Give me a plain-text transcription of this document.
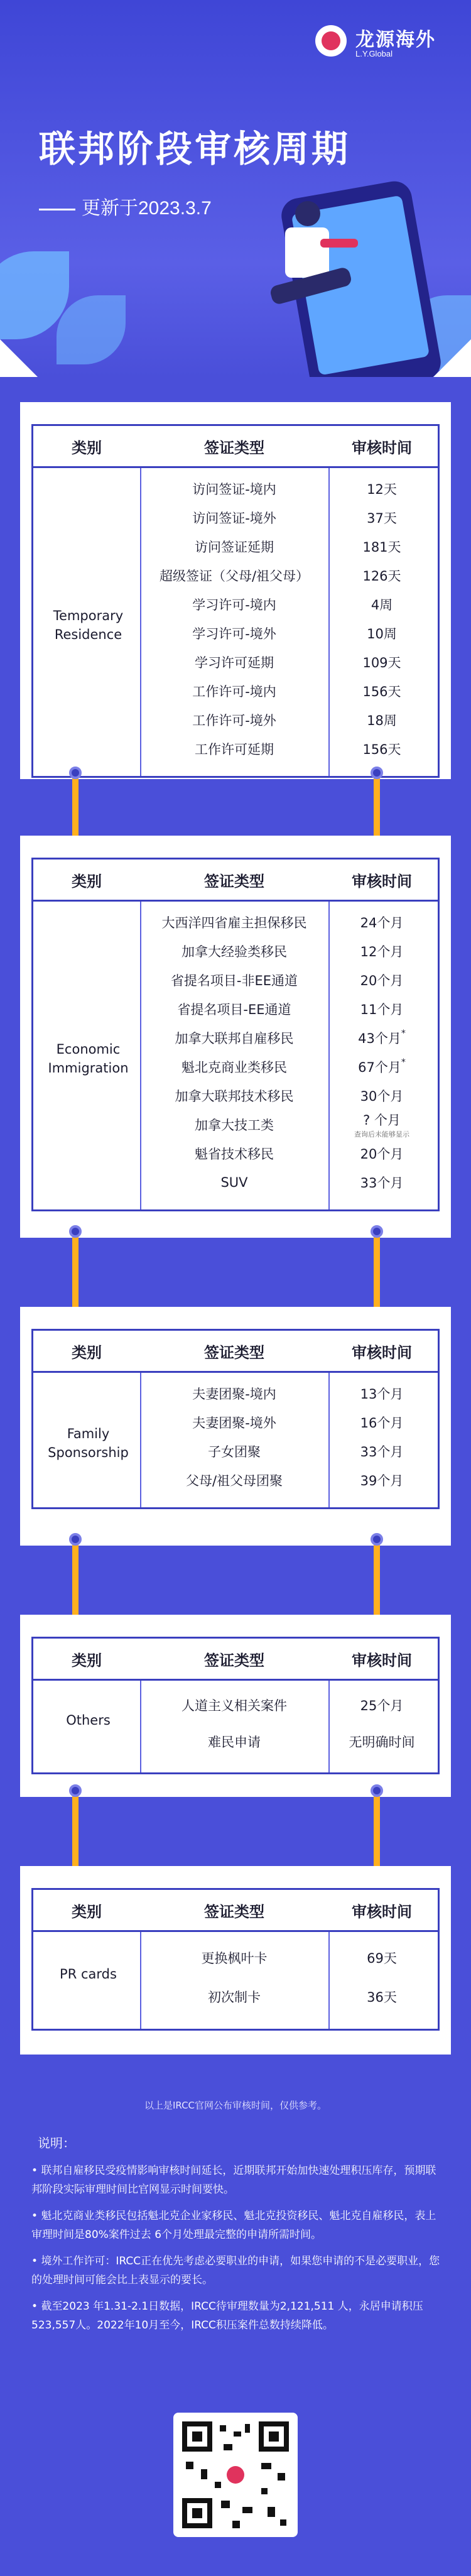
龙源海外
L.Y.Global
联邦阶段审核周期
更新于2023.3.7
类别	签证类型	审核时间
访问签证-境内	12天
访问签证-境外	37天
访问签证延期	181天
超级签证（父母/祖父母）	126天
学习许可-境内	4周
学习许可-境外	10周
学习许可延期	109天
工作许可-境内	156天
工作许可-境外	18周
工作许可延期	156天
Temporary
Residence
类别	签证类型	审核时间
大西洋四省雇主担保移民	24个月
加拿大经验类移民	12个月
省提名项目-非EE通道	20个月
省提名项目-EE通道	11个月
加拿大联邦自雇移民	43个月*
魁北克商业类移民	67个月*
加拿大联邦技术移民	30个月
加拿大技工类	? 个月
查询后未能够显示
魁省技术移民	20个月
SUV	33个月
Economic
Immigration
类别	签证类型	审核时间
夫妻团聚-境内	13个月
夫妻团聚-境外	16个月
子女团聚	33个月
父母/祖父母团聚	39个月
Family
Sponsorship
类别	签证类型	审核时间
人道主义相关案件	25个月
难民申请	无明确时间
Others
类别	签证类型	审核时间
更换枫叶卡	69天
初次制卡	36天
PR cards
以上是IRCC官网公布审核时间，仅供参考。
说明：
• 联邦自雇移民受疫情影响审核时间延长，近期联邦开始加快速处理积压库存，预期联邦阶段实际审理时间比官网显示时间要快。
• 魁北克商业类移民包括魁北克企业家移民、魁北克投资移民、魁北克自雇移民，表上审理时间是80%案件过去 6个月处理最完整的申请所需时间。
• 境外工作许可：IRCC正在优先考虑必要职业的申请，如果您申请的不是必要职业，您的处理时间可能会比上表显示的要长。
• 截至2023 年1.31-2.1日数据，IRCC待审理数量为2,121,511 人，永居申请积压523,557人。2022年10月至今，IRCC积压案件总数持续降低。
